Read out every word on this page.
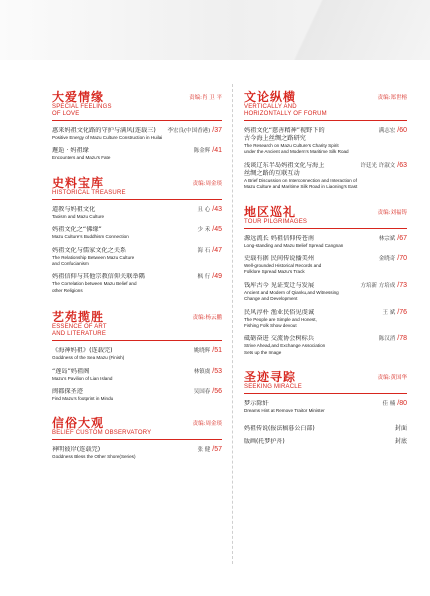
责编:肖 卫 平
大爱情缘
SPECIAL FEELINGS
OF LOVE
惠来妈祖文化路的守护与满风(连载三)	李宏良(中国香港) /37
Positive Energy of Mazu Culture Construction in Huilai
邂逅 · 妈祖缘	陈金辉 /41
Encounters and Mazu’s Fate
责编:周金琰
史料宝库
HISTORICAL TREASURE
道教与妈祖文化	且 心 /43
Taoism and Mazu Culture
妈祖文化之“佛缘”	少 禾 /45
Mazu Culture’s Buddhism Connection
妈祖文化与儒家文化之关系	海 石 /47
The Relationship Between Mazu Culture
and Confucianism
妈祖信仰与其他宗教信仰关联举隅	枫 行 /49
The Correlation between Mazu Belief and
other Religions
责编:杨云鹏
艺苑揽胜
ESSENCE OF ART
AND LITERATURE
《海神妈祖》(连载完)	姚晓辉 /51
Goddness of the Sea Mazu (Finish)
“莲岛”妈祖阁	林镇虞 /53
Mazu’s Pavilion of Lian Island
闽都探圣迹	吴国春 /56
Find Mazu’s footprint in Mindu
责编:周金琰
信俗大观
BELIEF CUSTOM OBSERVATORY
神明彼岸(连载完)	张 健 /57
Goddness Bless the Other Shore(Series)
责编:郑世榕
文论纵横
VERTICALLY AND
HORIZONTALLY OF FORUM
妈祖文化“慈善精神”视野下的
古今海上丝绸之路研究
满志宏 /60
The Research on Mazu Culture’s Charity Spirit
under the Ancient and Modern’s Maritime Silk Road
浅谈辽东半岛妈祖文化与海上
丝绸之路的互联互动
许廷光 许淑文 /63
A Brief Discussion on Interconnection and Interaction of
Mazu Culture and Maritime Silk Road in Liaoning’s East
责编:刘福铸
地区巡礼
TOUR PILGRIMAGES
源远流长 妈祖信仰传苍南	林宗斌 /67
Long-standing and Mazu Belief Spread Cangnan
史载有据 民间传说播美州	金晓奇 /70
Well-grounded Historical Records and
Folklore Spread Mazu’s Track
钱库古今 见证变迁与发展	方培新 方培成 /73
Ancient and Modern of Qianku,and Witnessing
Change and Development
民风淳朴 渔业民俗见虔诚	王 斌 /76
The People are Simple and Honest,
Fishing Folk Show devout
砥砺奋进 交流协会树标兵	陈汉消 /78
Strive Ahead,and Exchange Association
Sets up the Image
责编:黄国华
圣迹寻踪
SEEKING MIRACLE
梦示除奸	佳 楠 /80
Dreams Hint at Remove Traitor Minister
妈祖传说(报法稿暮公白部)	封面
版画(托梦护舟)	封底
